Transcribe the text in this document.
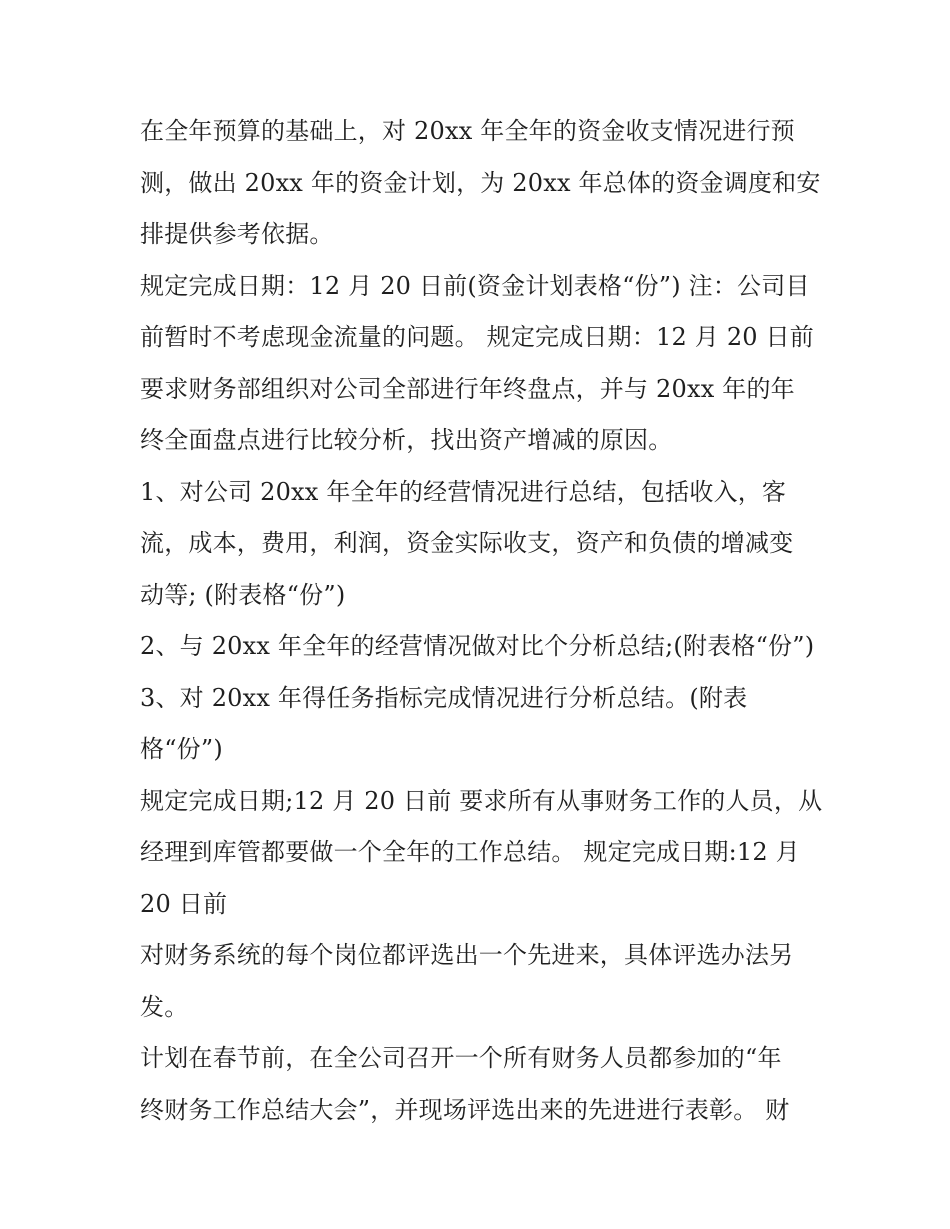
在全年预算的基础上，对 20xx 年全年的资金收支情况进行预
测，做出 20xx 年的资金计划，为 20xx 年总体的资金调度和安
排提供参考依据。
规定完成日期：12 月 20 日前(资金计划表格“份”) 注：公司目
前暂时不考虑现金流量的问题。 规定完成日期：12 月 20 日前
要求财务部组织对公司全部进行年终盘点，并与 20xx 年的年
终全面盘点进行比较分析，找出资产增减的原因。
1、对公司 20xx 年全年的经营情况进行总结，包括收入，客
流，成本，费用，利润，资金实际收支，资产和负债的增减变
动等; (附表格“份”)
2、与 20xx 年全年的经营情况做对比个分析总结;(附表格“份”)
3、对 20xx 年得任务指标完成情况进行分析总结。(附表
格“份”)
规定完成日期;12 月 20 日前 要求所有从事财务工作的人员，从
经理到库管都要做一个全年的工作总结。 规定完成日期:12 月
20 日前
对财务系统的每个岗位都评选出一个先进来，具体评选办法另
发。
计划在春节前，在全公司召开一个所有财务人员都参加的“年
终财务工作总结大会”，并现场评选出来的先进进行表彰。 财
